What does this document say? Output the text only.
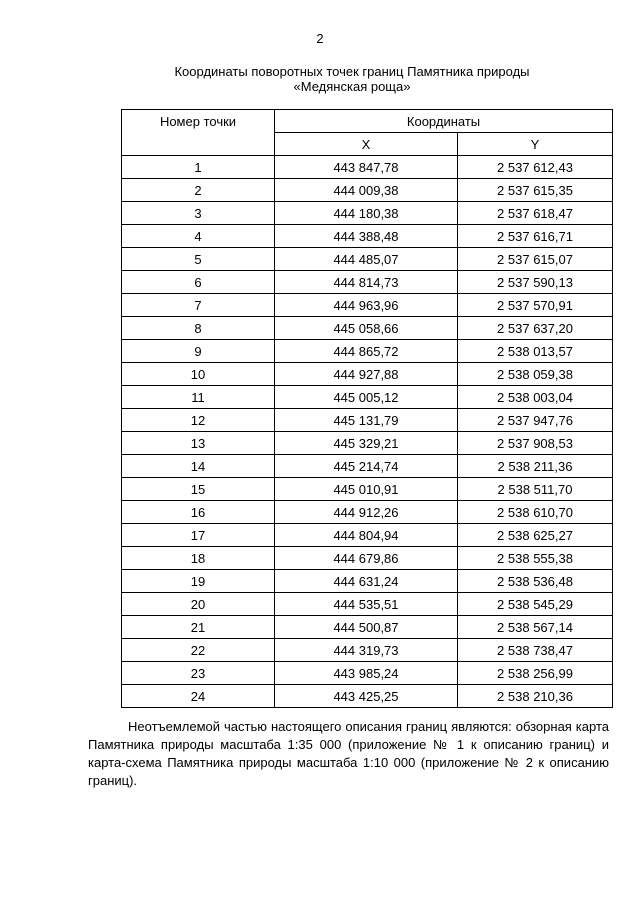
2
Координаты поворотных точек границ Памятника природы
«Медянская роща»
Номер точки	Координаты	
	X	Y
1	443 847,78	2 537 612,43
2	444 009,38	2 537 615,35
3	444 180,38	2 537 618,47
4	444 388,48	2 537 616,71
5	444 485,07	2 537 615,07
6	444 814,73	2 537 590,13
7	444 963,96	2 537 570,91
8	445 058,66	2 537 637,20
9	444 865,72	2 538 013,57
10	444 927,88	2 538 059,38
11	445 005,12	2 538 003,04
12	445 131,79	2 537 947,76
13	445 329,21	2 537 908,53
14	445 214,74	2 538 211,36
15	445 010,91	2 538 511,70
16	444 912,26	2 538 610,70
17	444 804,94	2 538 625,27
18	444 679,86	2 538 555,38
19	444 631,24	2 538 536,48
20	444 535,51	2 538 545,29
21	444 500,87	2 538 567,14
22	444 319,73	2 538 738,47
23	443 985,24	2 538 256,99
24	443 425,25	2 538 210,36

Неотъемлемой частью настоящего описания границ являются: обзорная карта Памятника природы масштаба 1:35 000 (приложение № 1 к описанию границ) и карта-схема Памятника природы масштаба 1:10 000 (приложение № 2 к описанию границ).
